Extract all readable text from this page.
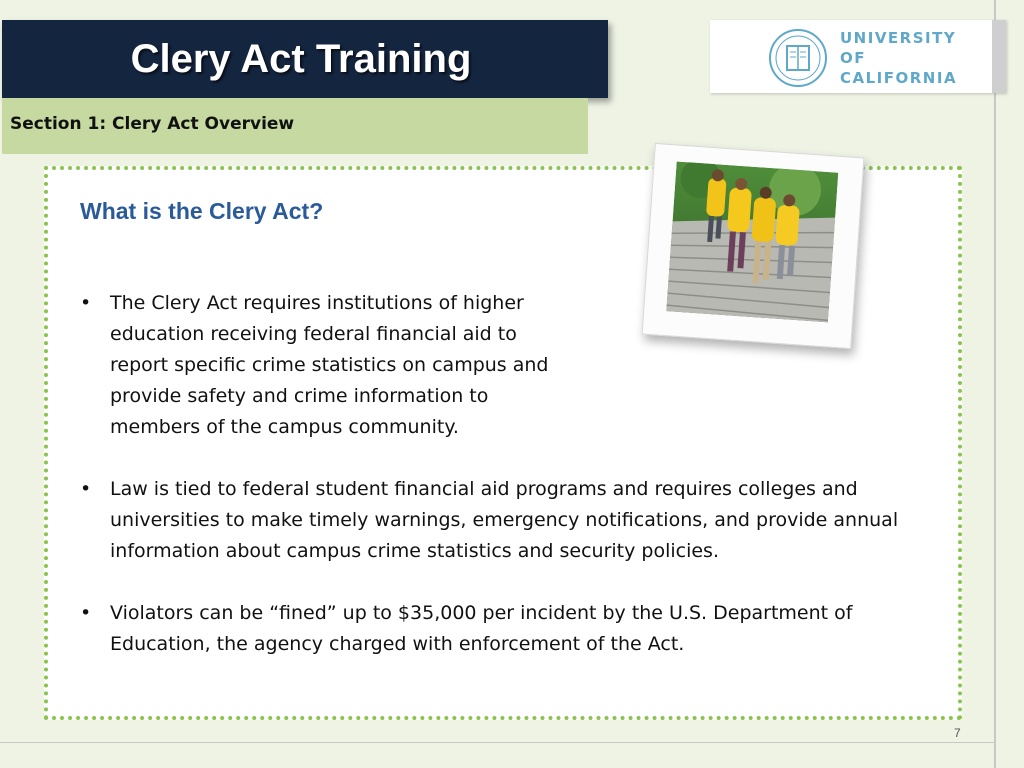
Clery Act Training
Section 1: Clery Act Overview
UNIVERSITY
OF
CALIFORNIA
What is the Clery Act?
• The Clery Act requires institutions of higher education receiving federal financial aid to report specific crime statistics on campus and provide safety and crime information to members of the campus community.
• Law is tied to federal student financial aid programs and requires colleges and universities to make timely warnings, emergency notifications, and provide annual information about campus crime statistics and security policies.
• Violators can be “fined” up to $35,000 per incident by the U.S. Department of Education, the agency charged with enforcement of the Act.
7
